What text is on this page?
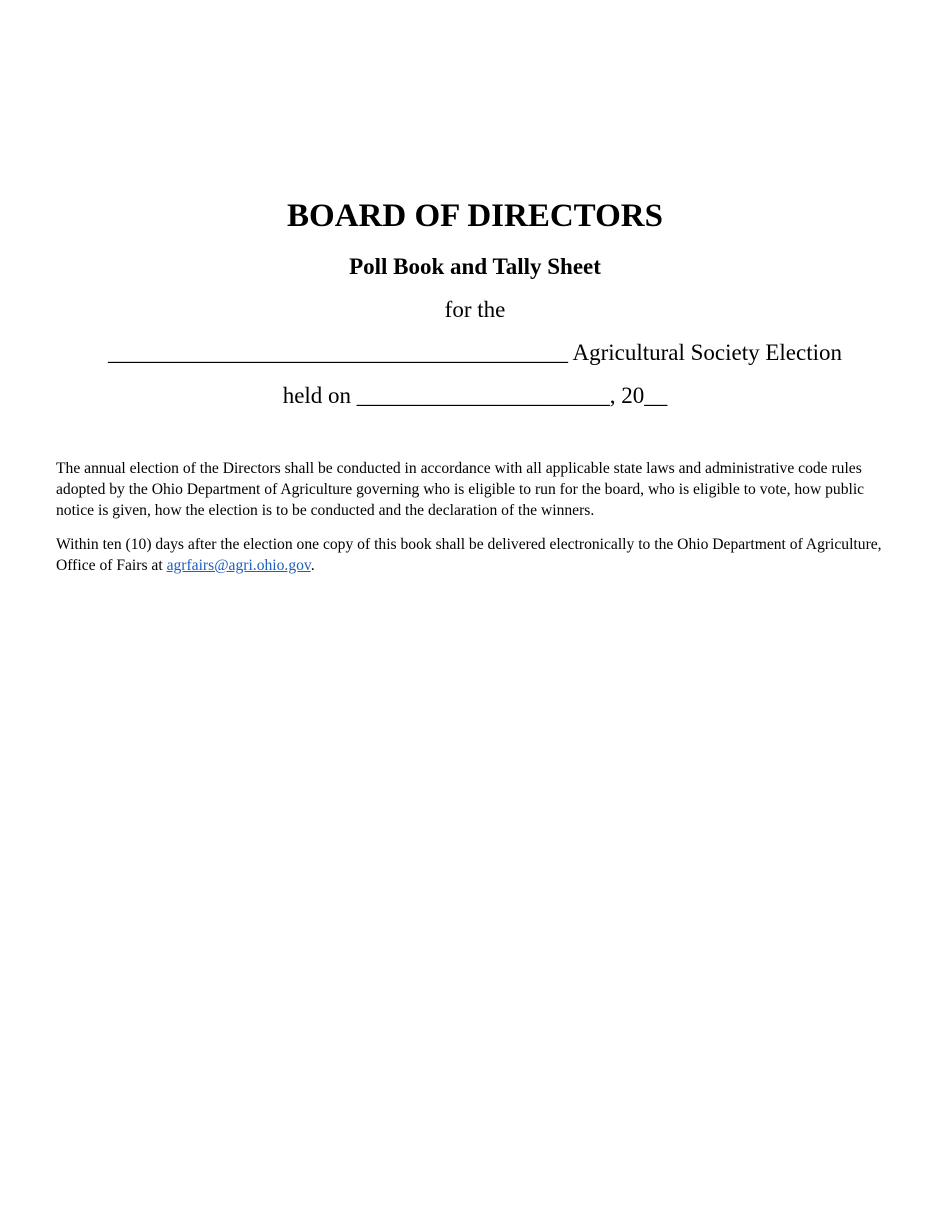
BOARD OF DIRECTORS
Poll Book and Tally Sheet
for the
________________________________________ Agricultural Society Election
held on ______________________, 20__

The annual election of the Directors shall be conducted in accordance with all applicable state laws and administrative code rules adopted by the Ohio Department of Agriculture governing who is eligible to run for the board, who is eligible to vote, how public notice is given, how the election is to be conducted and the declaration of the winners.

Within ten (10) days after the election one copy of this book shall be delivered electronically to the Ohio Department of Agriculture, Office of Fairs at agrfairs@agri.ohio.gov.
